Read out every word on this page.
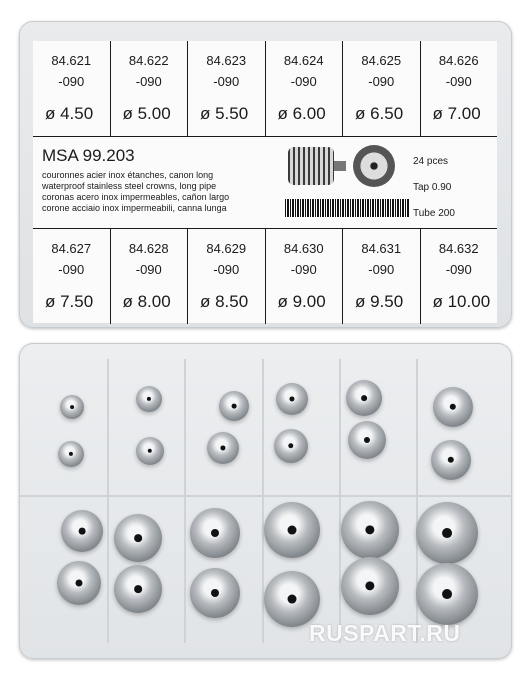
84.621
-090
ø 4.50
84.622
-090
ø 5.00
84.623
-090
ø 5.50
84.624
-090
ø 6.00
84.625
-090
ø 6.50
84.626
-090
ø 7.00
MSA 99.203
couronnes acier inox étanches, canon long
waterproof stainless steel crowns, long pipe
coronas acero inox impermeables, cañon largo
corone acciaio inox impermeabili, canna lunga
24 pces
Tap 0.90
Tube 200
84.627
-090
ø 7.50
84.628
-090
ø 8.00
84.629
-090
ø 8.50
84.630
-090
ø 9.00
84.631
-090
ø 9.50
84.632
-090
ø 10.00
RUSPART.RU
